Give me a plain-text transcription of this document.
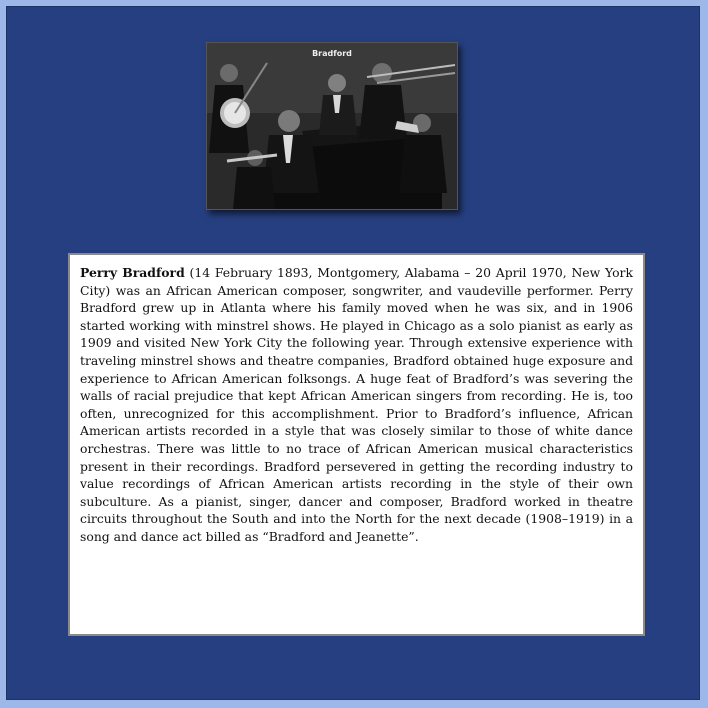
Bradford

Perry Bradford (14 February 1893, Montgomery, Alabama – 20 April 1970, New York City) was an African American composer, songwriter, and vaudeville performer. Perry Bradford grew up in Atlanta where his family moved when he was six, and in 1906 started working with minstrel shows. He played in Chicago as a solo pianist as early as 1909 and visited New York City the following year. Through extensive experience with traveling minstrel shows and theatre companies, Bradford obtained huge exposure and experience to African American folksongs. A huge feat of Bradford’s was severing the walls of racial prejudice that kept African American singers from recording. He is, too often, unrecognized for this accomplishment. Prior to Bradford’s influence, African American artists recorded in a style that was closely similar to those of white dance orchestras. There was little to no trace of African American musical characteristics present in their recordings. Bradford persevered in getting the recording industry to value recordings of African American artists recording in the style of their own subculture. As a pianist, singer, dancer and composer, Bradford worked in theatre circuits throughout the South and into the North for the next decade (1908–1919) in a song and dance act billed as “Bradford and Jeanette”.
